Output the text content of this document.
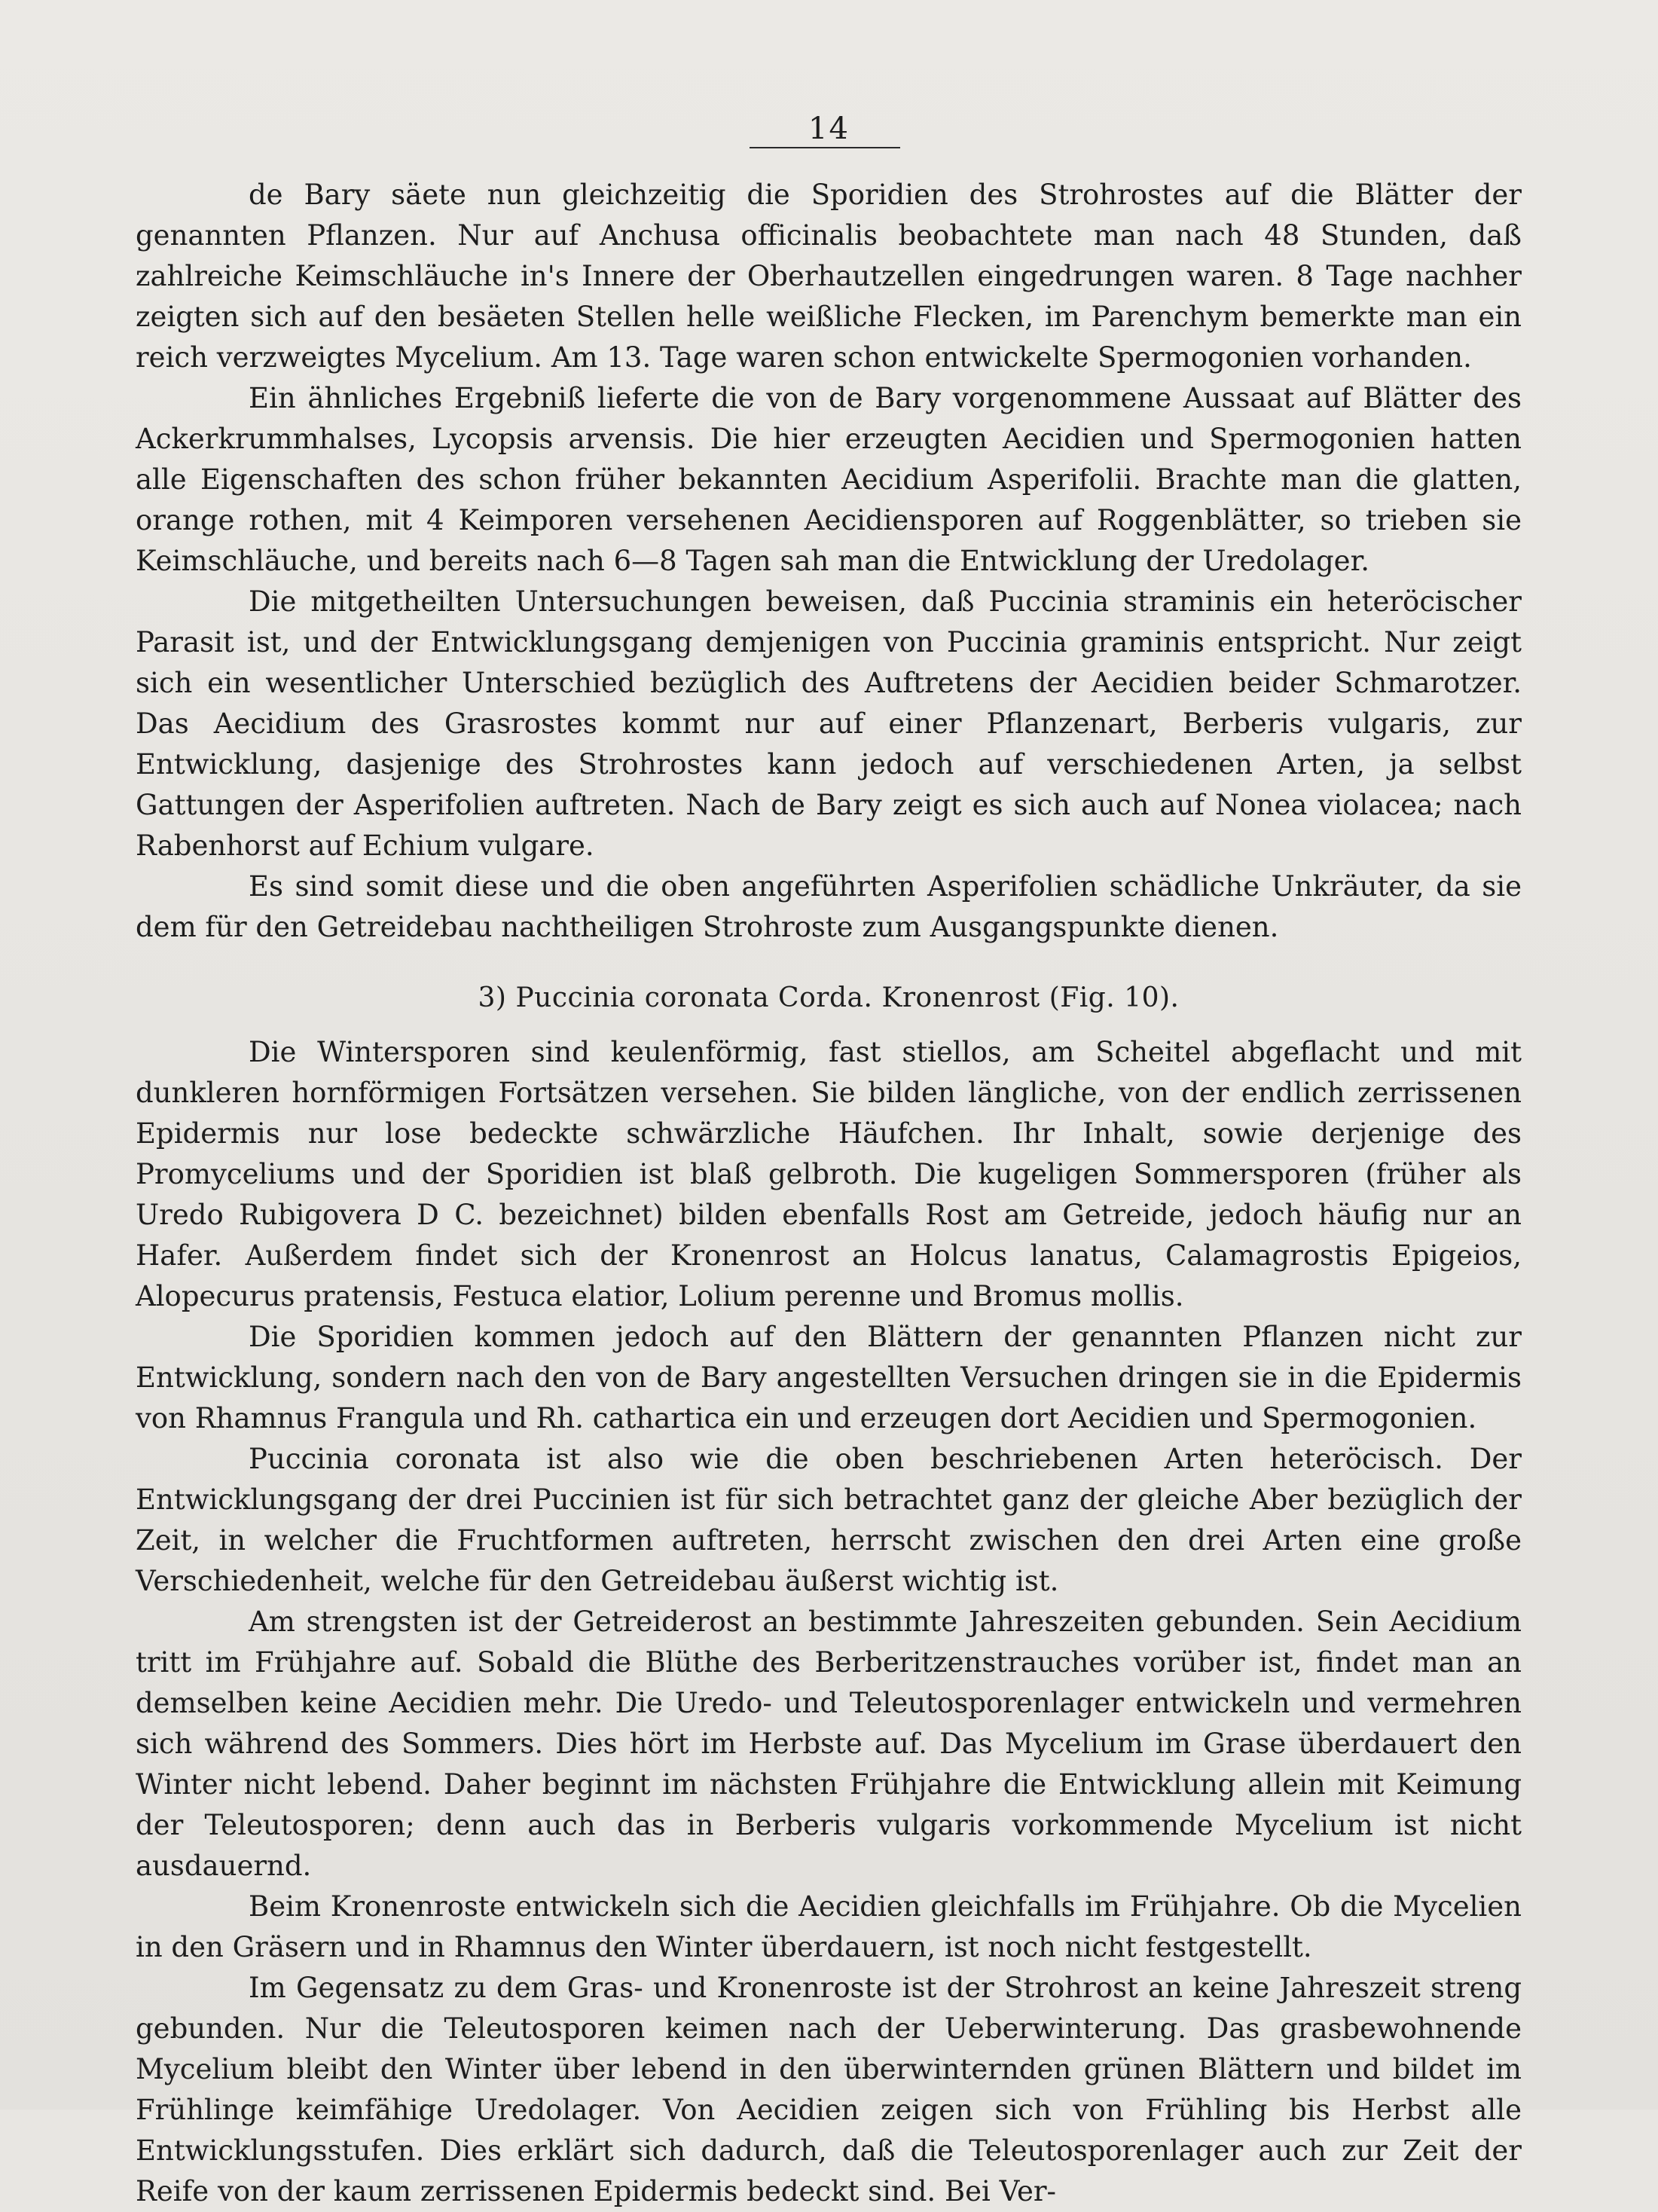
14

de Bary säete nun gleichzeitig die Sporidien des Strohrostes auf die Blätter der genannten Pflanzen. Nur auf Anchusa officinalis beobachtete man nach 48 Stunden, daß zahlreiche Keimschläuche in's Innere der Oberhautzellen eingedrungen waren. 8 Tage nachher zeigten sich auf den besäeten Stellen helle weißliche Flecken, im Parenchym bemerkte man ein reich verzweigtes Mycelium. Am 13. Tage waren schon entwickelte Spermogonien vorhanden.

Ein ähnliches Ergebniß lieferte die von de Bary vorgenommene Aussaat auf Blätter des Ackerkrummhalses, Lycopsis arvensis. Die hier erzeugten Aecidien und Spermogonien hatten alle Eigenschaften des schon früher bekannten Aecidium Asperifolii. Brachte man die glatten, orange rothen, mit 4 Keimporen versehenen Aecidiensporen auf Roggenblätter, so trieben sie Keimschläuche, und bereits nach 6—8 Tagen sah man die Entwicklung der Uredolager.

Die mitgetheilten Untersuchungen beweisen, daß Puccinia straminis ein heteröcischer Parasit ist, und der Entwicklungsgang demjenigen von Puccinia graminis entspricht. Nur zeigt sich ein wesentlicher Unterschied bezüglich des Auftretens der Aecidien beider Schmarotzer. Das Aecidium des Grasrostes kommt nur auf einer Pflanzenart, Berberis vulgaris, zur Entwicklung, dasjenige des Strohrostes kann jedoch auf verschiedenen Arten, ja selbst Gattungen der Asperifolien auftreten. Nach de Bary zeigt es sich auch auf Nonea violacea; nach Rabenhorst auf Echium vulgare.

Es sind somit diese und die oben angeführten Asperifolien schädliche Unkräuter, da sie dem für den Getreidebau nachtheiligen Strohroste zum Ausgangspunkte dienen.

3) Puccinia coronata Corda. Kronenrost (Fig. 10).

Die Wintersporen sind keulenförmig, fast stiellos, am Scheitel abgeflacht und mit dunkleren hornförmigen Fortsätzen versehen. Sie bilden längliche, von der endlich zerrissenen Epidermis nur lose bedeckte schwärzliche Häufchen. Ihr Inhalt, sowie derjenige des Promyceliums und der Sporidien ist blaß gelbroth. Die kugeligen Sommersporen (früher als Uredo Rubigovera D C. bezeichnet) bilden ebenfalls Rost am Getreide, jedoch häufig nur an Hafer. Außerdem findet sich der Kronenrost an Holcus lanatus, Calamagrostis Epigeios, Alopecurus pratensis, Festuca elatior, Lolium perenne und Bromus mollis.

Die Sporidien kommen jedoch auf den Blättern der genannten Pflanzen nicht zur Entwicklung, sondern nach den von de Bary angestellten Versuchen dringen sie in die Epidermis von Rhamnus Frangula und Rh. cathartica ein und erzeugen dort Aecidien und Spermogonien.

Puccinia coronata ist also wie die oben beschriebenen Arten heteröcisch. Der Entwicklungsgang der drei Puccinien ist für sich betrachtet ganz der gleiche Aber bezüglich der Zeit, in welcher die Fruchtformen auftreten, herrscht zwischen den drei Arten eine große Verschiedenheit, welche für den Getreidebau äußerst wichtig ist.

Am strengsten ist der Getreiderost an bestimmte Jahreszeiten gebunden. Sein Aecidium tritt im Frühjahre auf. Sobald die Blüthe des Berberitzenstrauches vorüber ist, findet man an demselben keine Aecidien mehr. Die Uredo- und Teleutosporenlager entwickeln und vermehren sich während des Sommers. Dies hört im Herbste auf. Das Mycelium im Grase überdauert den Winter nicht lebend. Daher beginnt im nächsten Frühjahre die Entwicklung allein mit Keimung der Teleutosporen; denn auch das in Berberis vulgaris vorkommende Mycelium ist nicht ausdauernd.

Beim Kronenroste entwickeln sich die Aecidien gleichfalls im Frühjahre. Ob die Mycelien in den Gräsern und in Rhamnus den Winter überdauern, ist noch nicht festgestellt.

Im Gegensatz zu dem Gras- und Kronenroste ist der Strohrost an keine Jahreszeit streng gebunden. Nur die Teleutosporen keimen nach der Ueberwinterung. Das grasbewohnende Mycelium bleibt den Winter über lebend in den überwinternden grünen Blättern und bildet im Frühlinge keimfähige Uredolager. Von Aecidien zeigen sich von Frühling bis Herbst alle Entwicklungsstufen. Dies erklärt sich dadurch, daß die Teleutosporenlager auch zur Zeit der Reife von der kaum zerrissenen Epidermis bedeckt sind. Bei Ver-
